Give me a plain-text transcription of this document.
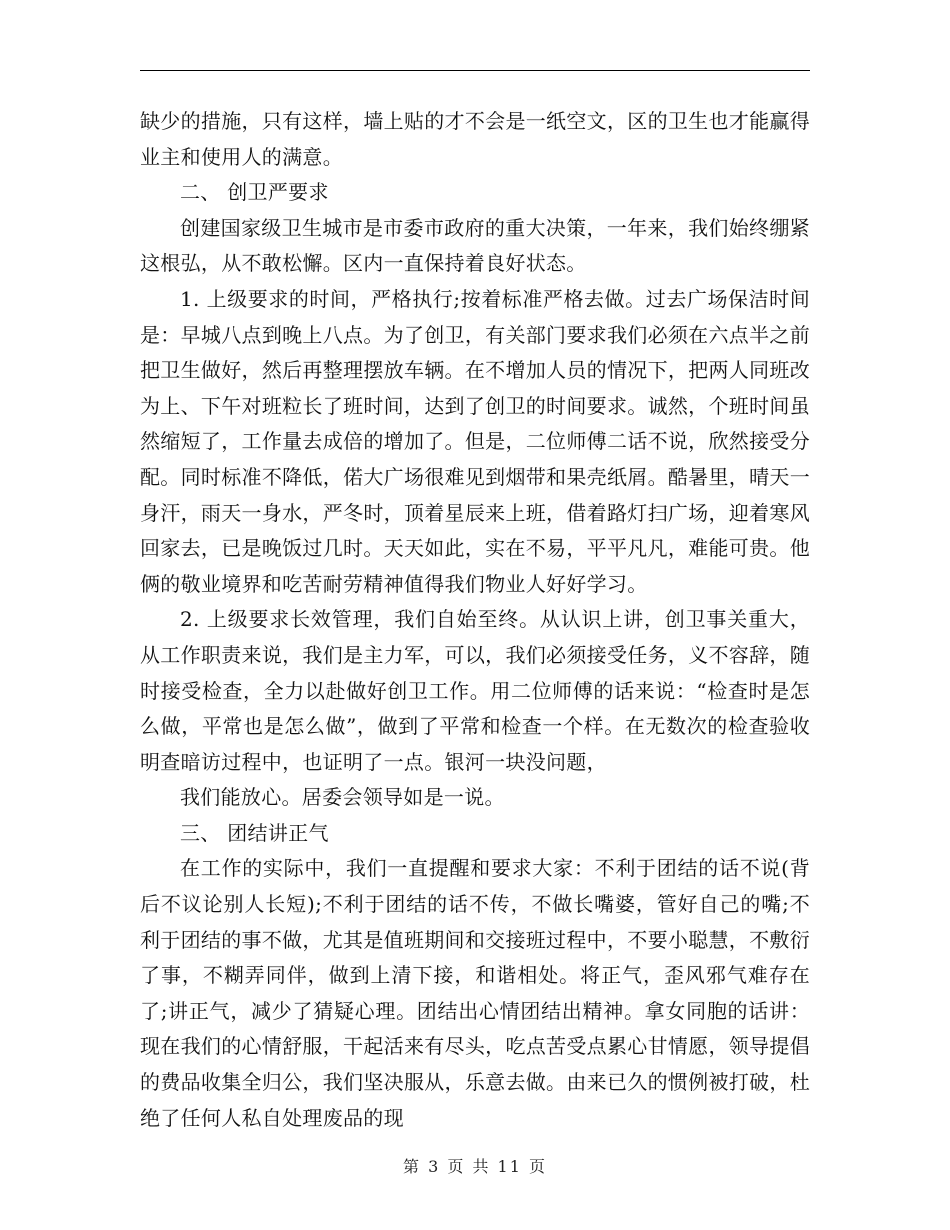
缺少的措施，只有这样，墙上贴的才不会是一纸空文，区的卫生也才能赢得业主和使用人的满意。

二、 创卫严要求

创建国家级卫生城市是市委市政府的重大决策，一年来，我们始终绷紧这根弘，从不敢松懈。区内一直保持着良好状态。

1. 上级要求的时间，严格执行;按着标准严格去做。过去广场保洁时间是：早城八点到晚上八点。为了创卫，有关部门要求我们必须在六点半之前把卫生做好，然后再整理摆放车辆。在不增加人员的情况下，把两人同班改为上、下午对班粒长了班时间，达到了创卫的时间要求。诚然，个班时间虽然缩短了，工作量去成倍的增加了。但是，二位师傅二话不说，欣然接受分配。同时标准不降低，偌大广场很难见到烟带和果壳纸屑。酷暑里，晴天一身汗，雨天一身水，严冬时，顶着星辰来上班，借着路灯扫广场，迎着寒风回家去，已是晚饭过几时。天天如此，实在不易，平平凡凡，难能可贵。他俩的敬业境界和吃苦耐劳精神值得我们物业人好好学习。

2. 上级要求长效管理，我们自始至终。从认识上讲，创卫事关重大，从工作职责来说，我们是主力军，可以，我们必须接受任务，义不容辞，随时接受检查，全力以赴做好创卫工作。用二位师傅的话来说：“检查时是怎么做，平常也是怎么做”，做到了平常和检查一个样。在无数次的检查验收明查暗访过程中，也证明了一点。银河一块没问题，

我们能放心。居委会领导如是一说。

三、 团结讲正气

在工作的实际中，我们一直提醒和要求大家：不利于团结的话不说(背后不议论别人长短);不利于团结的话不传，不做长嘴婆，管好自己的嘴;不利于团结的事不做，尤其是值班期间和交接班过程中，不要小聪慧，不敷衍了事，不糊弄同伴，做到上清下接，和谐相处。将正气，歪风邪气难存在了;讲正气，减少了猜疑心理。团结出心情团结出精神。拿女同胞的话讲：现在我们的心情舒服，干起活来有尽头，吃点苦受点累心甘情愿，领导提倡的费品收集全归公，我们坚决服从，乐意去做。由来已久的惯例被打破，杜绝了任何人私自处理废品的现

第 3 页 共 11 页
